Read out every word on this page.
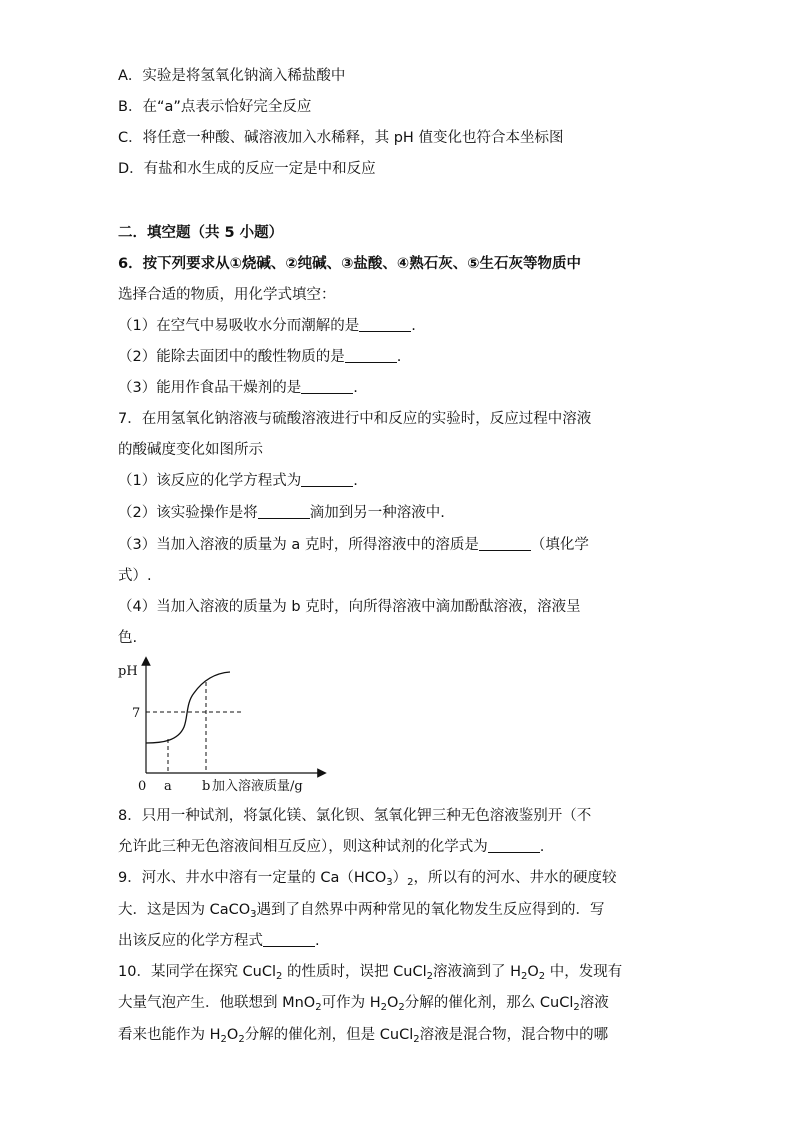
A．实验是将氢氧化钠滴入稀盐酸中
B．在“a”点表示恰好完全反应
C．将任意一种酸、碱溶液加入水稀释，其 pH 值变化也符合本坐标图
D．有盐和水生成的反应一定是中和反应
二．填空题（共 5 小题）
6．按下列要求从①烧碱、②纯碱、③盐酸、④熟石灰、⑤生石灰等物质中
选择合适的物质，用化学式填空：
（1）在空气中易吸收水分而潮解的是	.
（2）能除去面团中的酸性物质的是	.
（3）能用作食品干燥剂的是	.
7．在用氢氧化钠溶液与硫酸溶液进行中和反应的实验时，反应过程中溶液
的酸碱度变化如图所示
（1）该反应的化学方程式为	.
（2）该实验操作是将	滴加到另一种溶液中.
（3）当加入溶液的质量为 a 克时，所得溶液中的溶质是	（填化学
式）.
（4）当加入溶液的质量为 b 克时，向所得溶液中滴加酚酞溶液，溶液呈
色.
pH
7
0 a b 加入溶液质量/g
8．只用一种试剂，将氯化镁、氯化钡、氢氧化钾三种无色溶液鉴别开（不
允许此三种无色溶液间相互反应），则这种试剂的化学式为	.
9．河水、井水中溶有一定量的 $Ca(HCO_3)_2$，所以有的河水、井水的硬度较
大．这是因为 CaCO$_3$遇到了自然界中两种常见的氧化物发生反应得到的．写
出该反应的化学方程式	.
10．某同学在探究 CuCl$_2$ 的性质时，误把 CuCl$_2$溶液滴到了 $H_2O_2$ 中，发现有
大量气泡产生．他联想到 MnO$_2$可作为 $H_2O_2$分解的催化剂，那么 CuCl$_2$溶液
看来也能作为 $H_2O_2$分解的催化剂，但是 CuCl$_2$溶液是混合物，混合物中的哪
